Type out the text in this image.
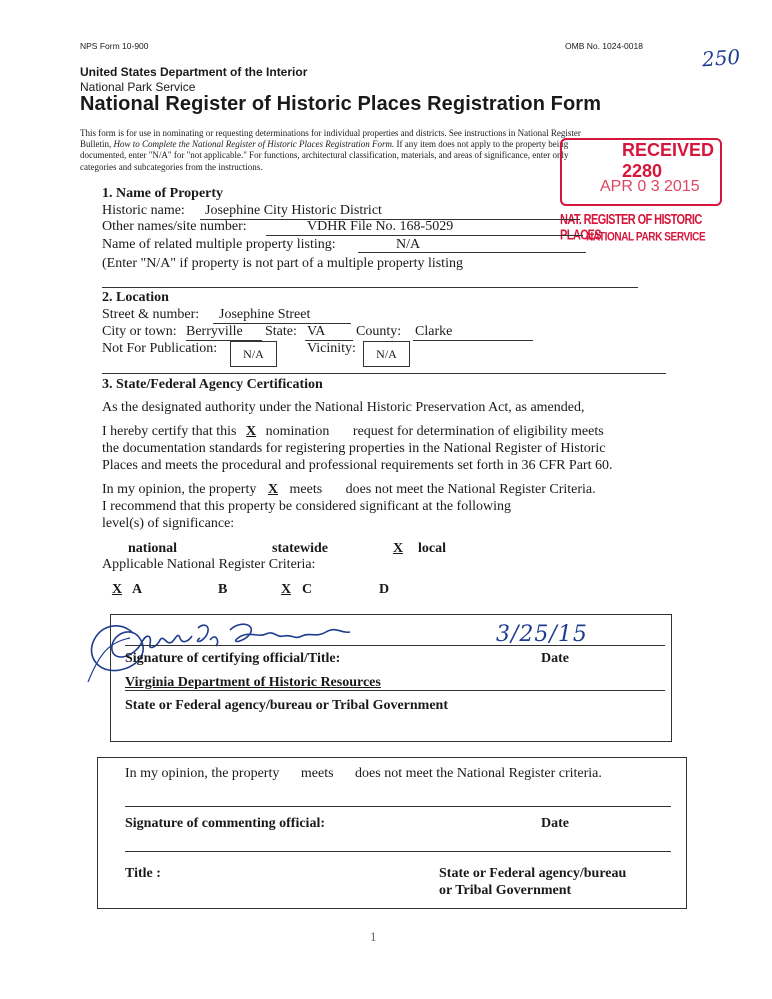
NPS Form 10-900	OMB No. 1024-0018	250
United States Department of the Interior
National Park Service
National Register of Historic Places Registration Form
This form is for use in nominating or requesting determinations for individual properties and districts. See instructions in National Register
Bulletin, How to Complete the National Register of Historic Places Registration Form. If any item does not apply to the property being
documented, enter "N/A" for "not applicable." For functions, architectural classification, materials, and areas of significance, enter only
categories and subcategories from the instructions.
RECEIVED 2280
APR 0 3 2015
NAT. REGISTER OF HISTORIC PLACES
NATIONAL PARK SERVICE
1. Name of Property
Historic name: Josephine City Historic District
Other names/site number:	VDHR File No. 168-5029
Name of related multiple property listing:	N/A
(Enter "N/A" if property is not part of a multiple property listing
2. Location
Street & number: Josephine Street
City or town: Berryville State: VA County: Clarke
Not For Publication:	N/A	Vicinity:	N/A
3. State/Federal Agency Certification
As the designated authority under the National Historic Preservation Act, as amended,
I hereby certify that this X nomination request for determination of eligibility meets
the documentation standards for registering properties in the National Register of Historic
Places and meets the procedural and professional requirements set forth in 36 CFR Part 60.
In my opinion, the property X meets does not meet the National Register Criteria.
I recommend that this property be considered significant at the following
level(s) of significance:
national	statewide	X local
Applicable National Register Criteria:
X A	B	X C	D
3/25/15
Signature of certifying official/Title:	Date
Virginia Department of Historic Resources
State or Federal agency/bureau or Tribal Government
In my opinion, the property meets does not meet the National Register criteria.
Signature of commenting official:	Date
Title :	State or Federal agency/bureau
or Tribal Government
1
